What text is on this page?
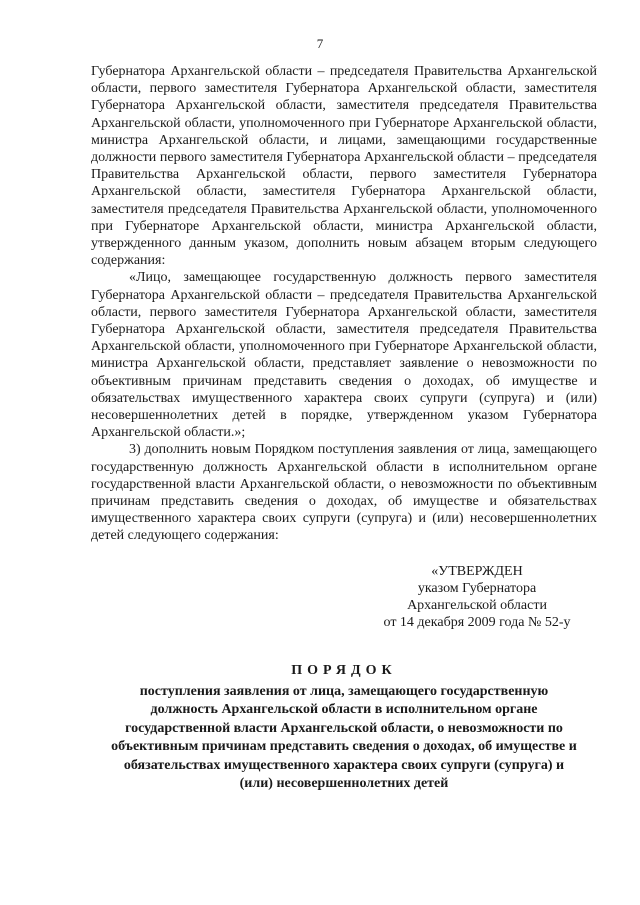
7

Губернатора Архангельской области – председателя Правительства Архангельской области, первого заместителя Губернатора Архангельской области, заместителя Губернатора Архангельской области, заместителя председателя Правительства Архангельской области, уполномоченного при Губернаторе Архангельской области, министра Архангельской области, и лицами, замещающими государственные должности первого заместителя Губернатора Архангельской области – председателя Правительства Архангельской области, первого заместителя Губернатора Архангельской области, заместителя Губернатора Архангельской области, заместителя председателя Правительства Архангельской области, уполномоченного при Губернаторе Архангельской области, министра Архангельской области, утвержденного данным указом, дополнить новым абзацем вторым следующего содержания:

«Лицо, замещающее государственную должность первого заместителя Губернатора Архангельской области – председателя Правительства Архангельской области, первого заместителя Губернатора Архангельской области, заместителя Губернатора Архангельской области, заместителя председателя Правительства Архангельской области, уполномоченного при Губернаторе Архангельской области, министра Архангельской области, представляет заявление о невозможности по объективным причинам представить сведения о доходах, об имуществе и обязательствах имущественного характера своих супруги (супруга) и (или) несовершеннолетних детей в порядке, утвержденном указом Губернатора Архангельской области.»;

3) дополнить новым Порядком поступления заявления от лица, замещающего государственную должность Архангельской области в исполнительном органе государственной власти Архангельской области, о невозможности по объективным причинам представить сведения о доходах, об имуществе и обязательствах имущественного характера своих супруги (супруга) и (или) несовершеннолетних детей следующего содержания:

«УТВЕРЖДЕН
указом Губернатора
Архангельской области
от 14 декабря 2009 года № 52-у
ПОРЯДОК
поступления заявления от лица, замещающего государственную должность Архангельской области в исполнительном органе государственной власти Архангельской области, о невозможности по объективным причинам представить сведения о доходах, об имуществе и обязательствах имущественного характера своих супруги (супруга) и (или) несовершеннолетних детей
